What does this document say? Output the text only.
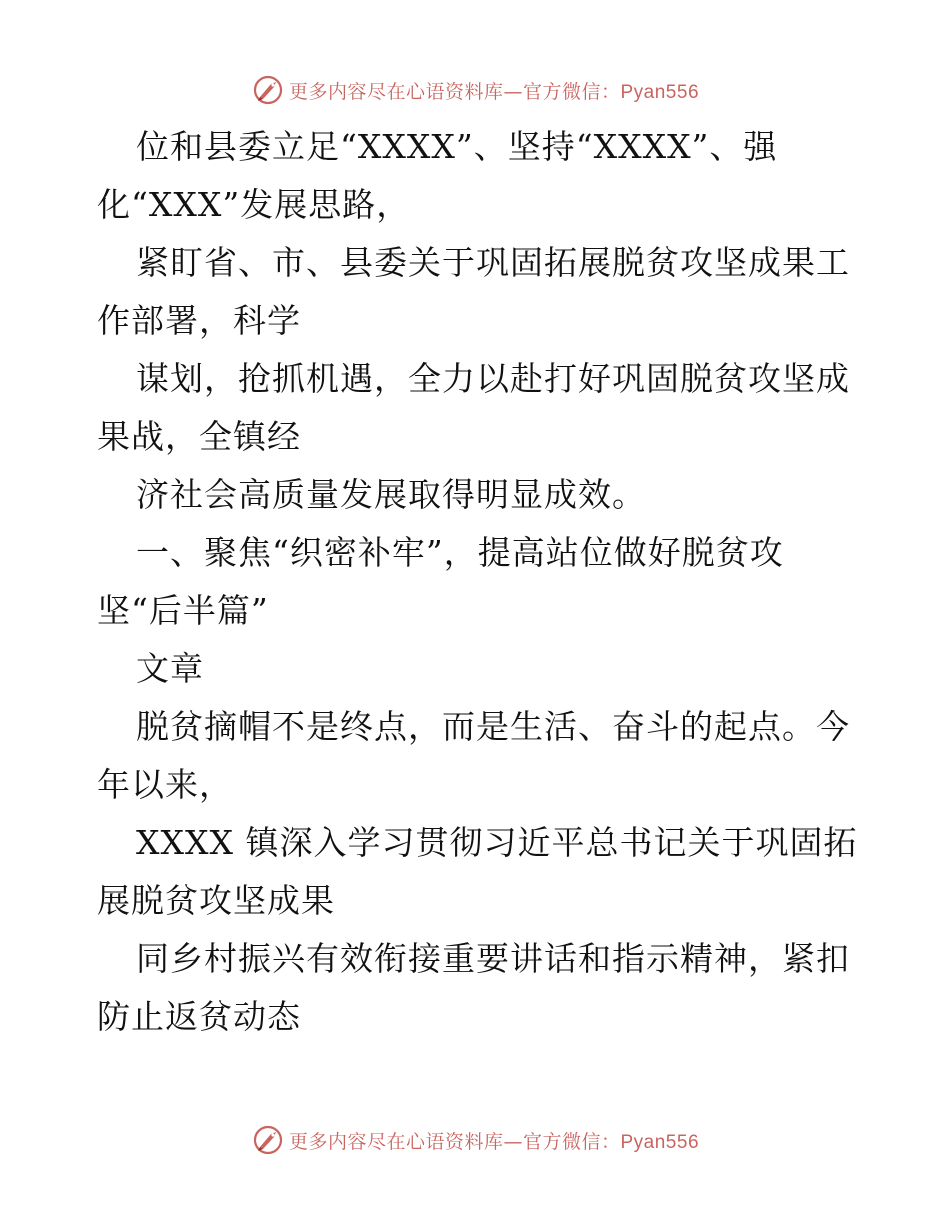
更多内容尽在心语资料库—官方微信：Pyan556
位和县委立足“XXXX”、坚持“XXXX”、强
化“XXX”发展思路，
紧盯省、市、县委关于巩固拓展脱贫攻坚成果工
作部署，科学
谋划，抢抓机遇，全力以赴打好巩固脱贫攻坚成
果战，全镇经
济社会高质量发展取得明显成效。
一、聚焦“织密补牢”，提高站位做好脱贫攻
坚“后半篇”
文章
脱贫摘帽不是终点，而是生活、奋斗的起点。今
年以来，
XXXX 镇深入学习贯彻习近平总书记关于巩固拓
展脱贫攻坚成果
同乡村振兴有效衔接重要讲话和指示精神，紧扣
防止返贫动态
更多内容尽在心语资料库—官方微信：Pyan556
